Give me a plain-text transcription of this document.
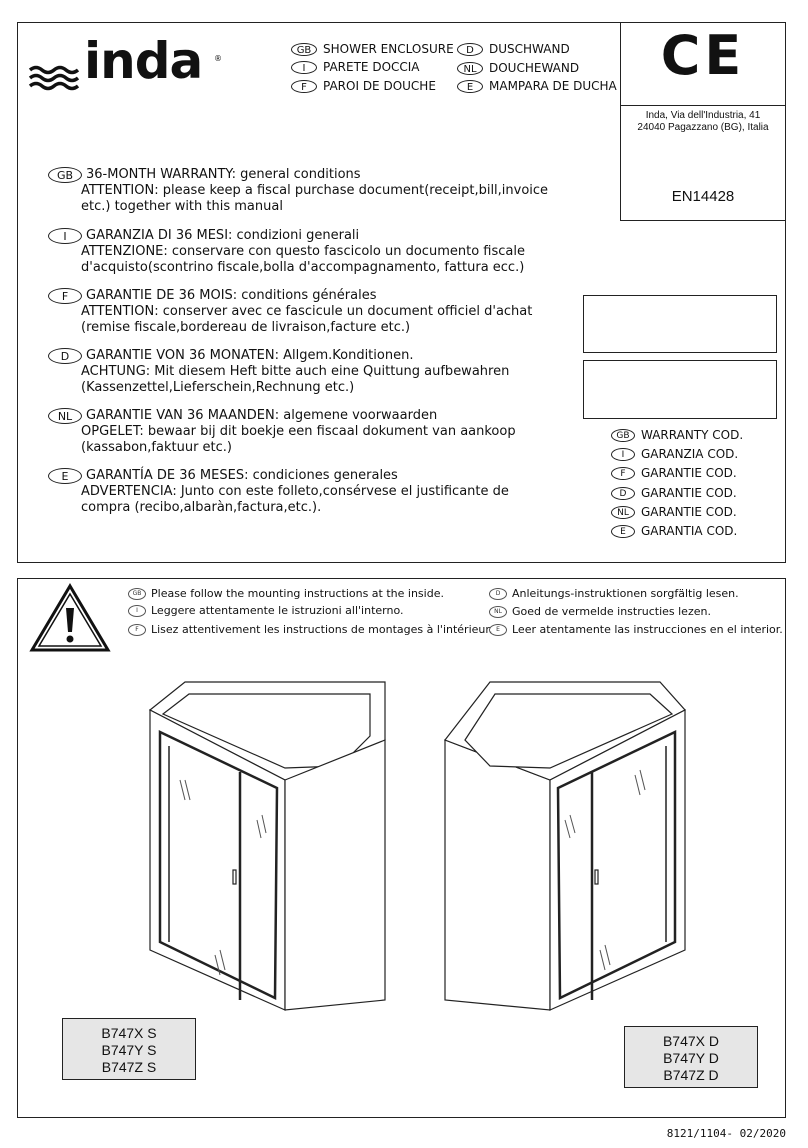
inda ®
GB SHOWER ENCLOSURE
I PARETE DOCCIA
F PAROI DE DOUCHE
D DUSCHWAND
NL DOUCHEWAND
E MAMPARA DE DUCHA CE
Inda, Via dell'Industria, 41
24040 Pagazzano (BG), Italia
EN14428
GB 36-MONTH WARRANTY: general conditions
ATTENTION: please keep a fiscal purchase document(receipt,bill,invoice
etc.) together with this manual
I	GARANZIA DI 36 MESI: condizioni generali
ATTENZIONE: conservare con questo fascicolo un documento fiscale
d'acquisto(scontrino fiscale,bolla d'accompagnamento, fattura ecc.)
F	GARANTIE DE 36 MOIS: conditions générales
ATTENTION: conserver avec ce fascicule un document officiel d'achat
(remise fiscale,bordereau de livraison,facture etc.)
D	GARANTIE VON 36 MONATEN: Allgem.Konditionen.
ACHTUNG: Mit diesem Heft bitte auch eine Quittung aufbewahren
(Kassenzettel,Lieferschein,Rechnung etc.)
NL	GARANTIE VAN 36 MAANDEN: algemene voorwaarden
OPGELET: bewaar bij dit boekje een fiscaal dokument van aankoop
(kassabon,faktuur etc.)
E	GARANTÍA DE 36 MESES: condiciones generales
ADVERTENCIA: Junto con este folleto,consérvese el justificante de
compra (recibo,albaràn,factura,etc.).
GB WARRANTY COD.
I	GARANZIA COD.
F	GARANTIE COD.
D	GARANTIE COD.
NL	GARANTIE COD.
E	GARANTIA COD.
GB Please follow the mounting instructions at the inside.
I	Leggere attentamente le istruzioni all'interno.
F	Lisez attentivement les instructions de montages à l'intérieur.
D	Anleitungs-instruktionen sorgfältig lesen.
NL Goed de vermelde instructies lezen.
E	Leer atentamente las instrucciones en el interior.
B747X S
B747Y S
B747Z S
B747X D
B747Y D
B747Z D
8121/1104- 02/2020
